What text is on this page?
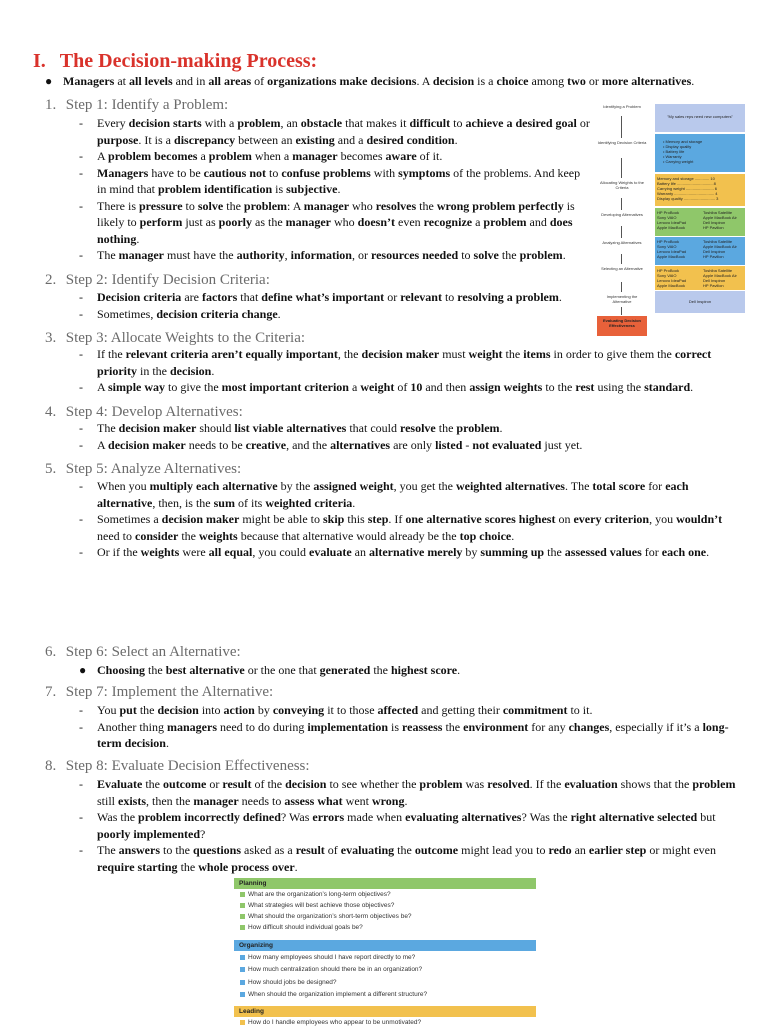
I. The Decision-making Process:
● Managers at all levels and in all areas of organizations make decisions. A decision is a choice among two or more alternatives.
1. Step 1: Identify a Problem:
2. Step 2: Identify Decision Criteria:
3. Step 3: Allocate Weights to the Criteria:
4. Step 4: Develop Alternatives:
5. Step 5: Analyze Alternatives:
6. Step 6: Select an Alternative:
7. Step 7: Implement the Alternative:
8. Step 8: Evaluate Decision Effectiveness:
- Every decision starts with a problem, an obstacle that makes it difficult to achieve a desired goal or purpose. It is a discrepancy between an existing and a desired condition.
- A problem becomes a problem when a manager becomes aware of it.
- Managers have to be cautious not to confuse problems with symptoms of the problems. And keep in mind that problem identification is subjective.
- There is pressure to solve the problem: A manager who resolves the wrong problem perfectly is likely to perform just as poorly as the manager who doesn’t even recognize a problem and does nothing.
- The manager must have the authority, information, or resources needed to solve the problem.
- Decision criteria are factors that define what’s important or relevant to resolving a problem.
- Sometimes, decision criteria change.
- If the relevant criteria aren’t equally important, the decision maker must weight the items in order to give them the correct priority in the decision.
- A simple way to give the most important criterion a weight of 10 and then assign weights to the rest using the standard.
- The decision maker should list viable alternatives that could resolve the problem.
- A decision maker needs to be creative, and the alternatives are only listed - not evaluated just yet.
- When you multiply each alternative by the assigned weight, you get the weighted alternatives. The total score for each alternative, then, is the sum of its weighted criteria.
- Sometimes a decision maker might be able to skip this step. If one alternative scores highest on every criterion, you wouldn’t need to consider the weights because that alternative would already be the top choice.
- Or if the weights were all equal, you could evaluate an alternative merely by summing up the assessed values for each one.
● Choosing the best alternative or the one that generated the highest score.
- You put the decision into action by conveying it to those affected and getting their commitment to it.
- Another thing managers need to do during implementation is reassess the environment for any changes, especially if it’s a long-term decision.
- Evaluate the outcome or result of the decision to see whether the problem was resolved. If the evaluation shows that the problem still exists, then the manager needs to assess what went wrong.
- Was the problem incorrectly defined? Was errors made when evaluating alternatives? Was the right alternative selected but poorly implemented?
- The answers to the questions asked as a result of evaluating the outcome might lead you to redo an earlier step or might even require starting the whole process over.
Identifying a Problem
Identifying Decision Criteria
Allocating Weights to the Criteria
Developing Alternatives
Analyzing Alternatives
Selecting an Alternative
Implementing the Alternative
Evaluating Decision Effectiveness
"My sales reps need new computers"
• Memory and storage
• Display quality
• Battery life
• Warranty
• Carrying weight
Memory and storage ............. 10
Battery life ................................ 8
Carrying weight ......................... 6
Warranty .................................... 4
Display quality ............................ 3
HP ProBook
Sony VAIO
Lenovo IdeaPad
Apple MacBook
Toshiba Satellite
Apple MacBook Air
Dell Inspiron
HP Pavilion
HP ProBook
Sony VAIO
Lenovo IdeaPad
Apple MacBook
Toshiba Satellite
Apple MacBook Air
Dell Inspiron
HP Pavilion
HP ProBook
Sony VAIO
Lenovo IdeaPad
Apple MacBook
Toshiba Satellite
Apple MacBook Air
Dell Inspiron
HP Pavilion
Dell Inspiron
Planning
What are the organization’s long-term objectives?
What strategies will best achieve those objectives?
What should the organization’s short-term objectives be?
How difficult should individual goals be?
Organizing
How many employees should I have report directly to me?
How much centralization should there be in an organization?
How should jobs be designed?
When should the organization implement a different structure?
Leading
How do I handle employees who appear to be unmotivated?
